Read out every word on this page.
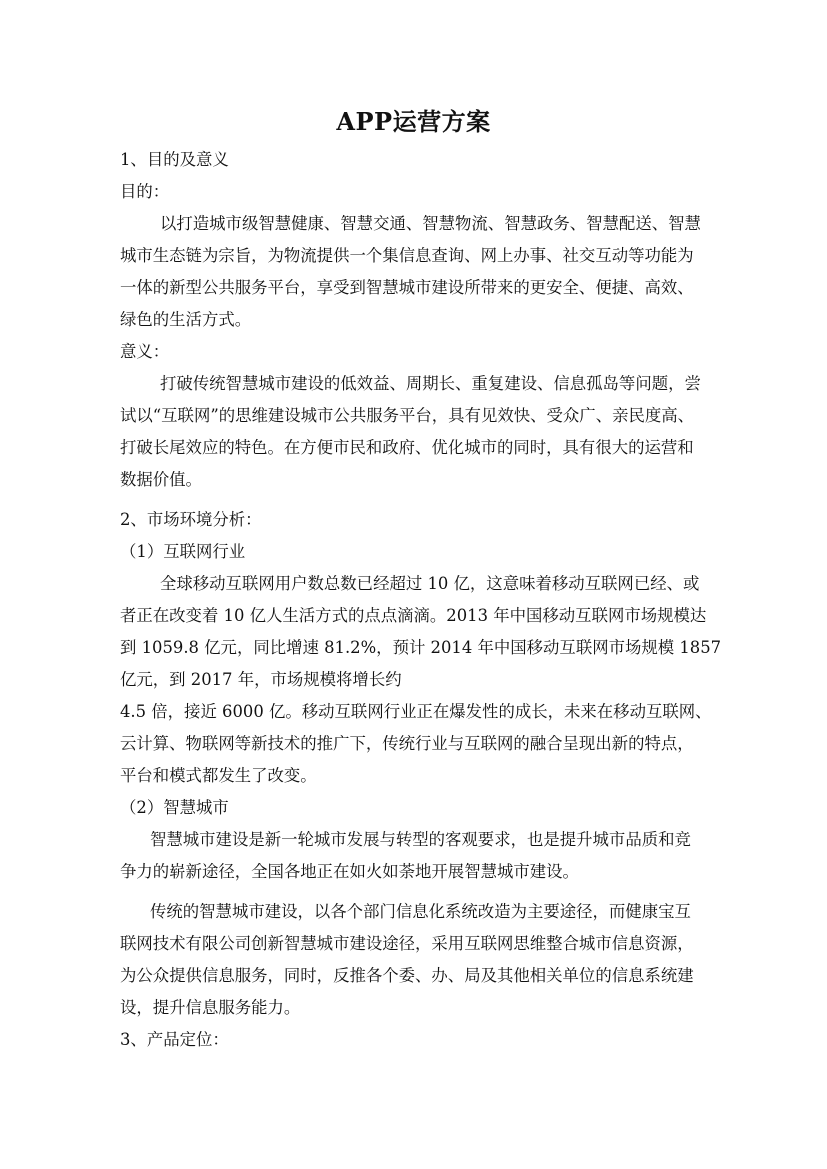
APP运营方案
1、目的及意义
目的：
以打造城市级智慧健康、智慧交通、智慧物流、智慧政务、智慧配送、智慧
城市生态链为宗旨，为物流提供一个集信息查询、网上办事、社交互动等功能为
一体的新型公共服务平台，享受到智慧城市建设所带来的更安全、便捷、高效、
绿色的生活方式。
意义：
打破传统智慧城市建设的低效益、周期长、重复建设、信息孤岛等问题，尝
试以“互联网”的思维建设城市公共服务平台，具有见效快、受众广、亲民度高、
打破长尾效应的特色。在方便市民和政府、优化城市的同时，具有很大的运营和
数据价值。
2、市场环境分析：
（1）互联网行业
全球移动互联网用户数总数已经超过 10 亿，这意味着移动互联网已经、或
者正在改变着 10 亿人生活方式的点点滴滴。2013 年中国移动互联网市场规模达
到 1059.8 亿元，同比增速 81.2%，预计 2014 年中国移动互联网市场规模 1857
亿元，到 2017 年，市场规模将增长约
4.5 倍，接近 6000 亿。移动互联网行业正在爆发性的成长，未来在移动互联网、
云计算、物联网等新技术的推广下，传统行业与互联网的融合呈现出新的特点，
平台和模式都发生了改变。
（2）智慧城市
智慧城市建设是新一轮城市发展与转型的客观要求，也是提升城市品质和竞
争力的崭新途径，全国各地正在如火如荼地开展智慧城市建设。
传统的智慧城市建设，以各个部门信息化系统改造为主要途径，而健康宝互
联网技术有限公司创新智慧城市建设途径，采用互联网思维整合城市信息资源，
为公众提供信息服务，同时，反推各个委、办、局及其他相关单位的信息系统建
设，提升信息服务能力。
3、产品定位：
